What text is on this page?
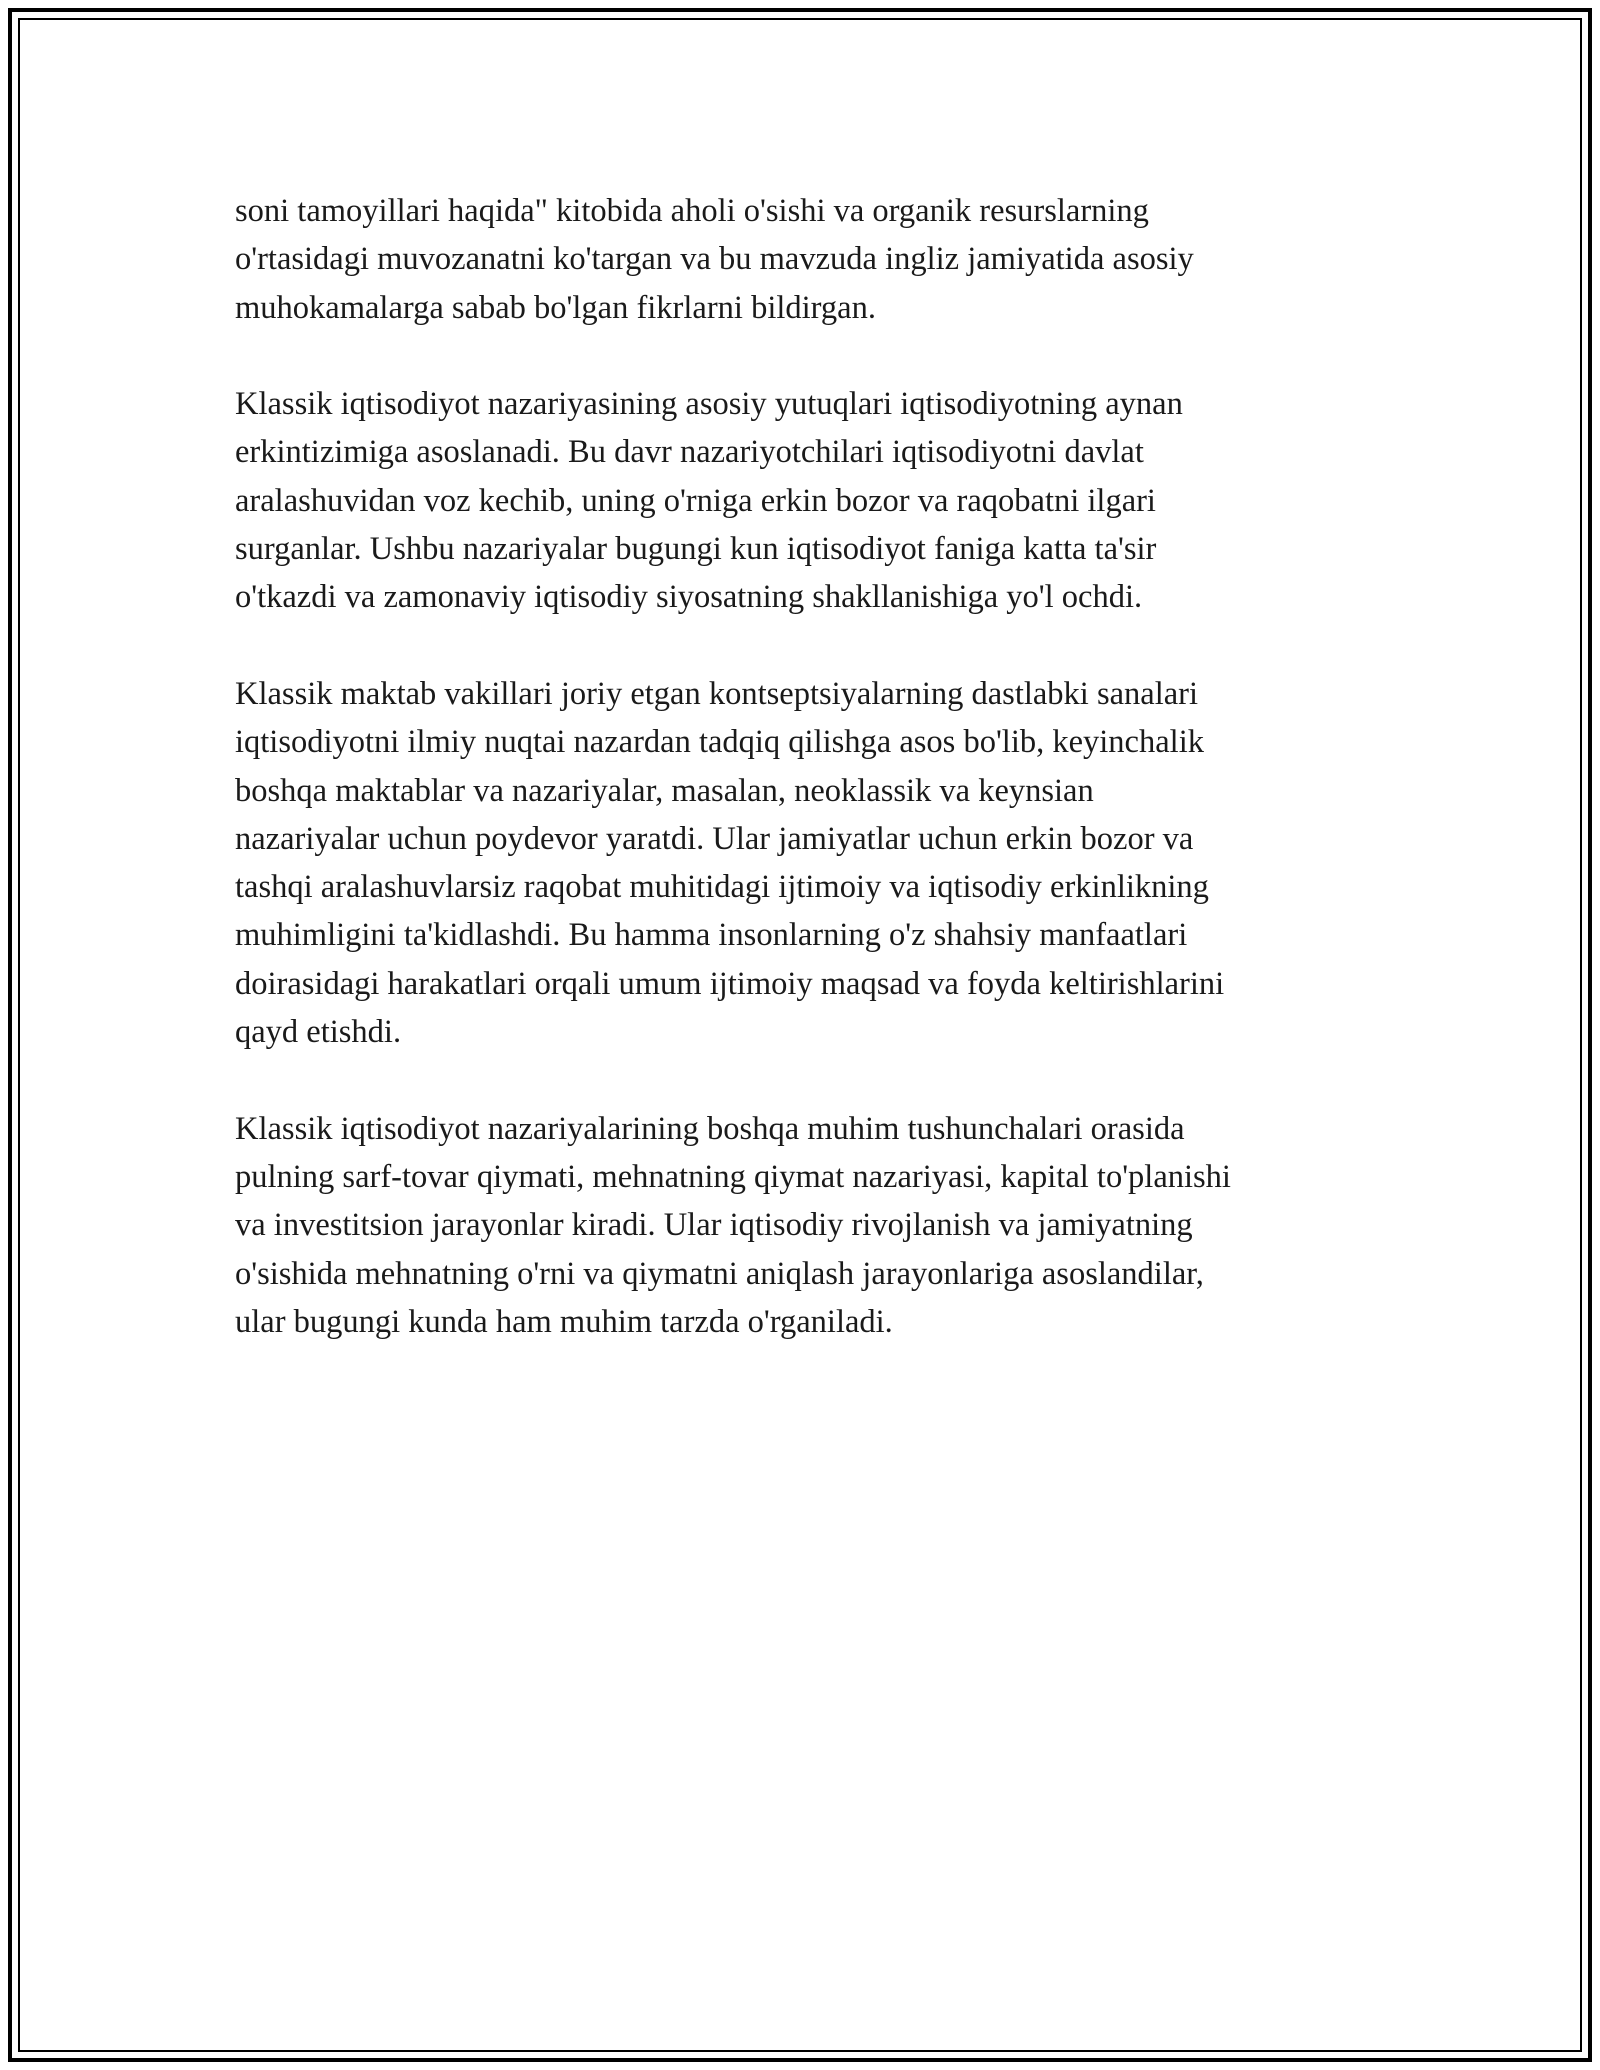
soni tamoyillari haqida" kitobida aholi o'sishi va organik resurslarning
o'rtasidagi muvozanatni ko'targan va bu mavzuda ingliz jamiyatida asosiy
muhokamalarga sabab bo'lgan fikrlarni bildirgan.

Klassik iqtisodiyot nazariyasining asosiy yutuqlari iqtisodiyotning aynan
erkintizimiga asoslanadi. Bu davr nazariyotchilari iqtisodiyotni davlat
aralashuvidan voz kechib, uning o'rniga erkin bozor va raqobatni ilgari
surganlar. Ushbu nazariyalar bugungi kun iqtisodiyot faniga katta ta'sir
o'tkazdi va zamonaviy iqtisodiy siyosatning shakllanishiga yo'l ochdi.

Klassik maktab vakillari joriy etgan kontseptsiyalarning dastlabki sanalari
iqtisodiyotni ilmiy nuqtai nazardan tadqiq qilishga asos bo'lib, keyinchalik
boshqa maktablar va nazariyalar, masalan, neoklassik va keynsian
nazariyalar uchun poydevor yaratdi. Ular jamiyatlar uchun erkin bozor va
tashqi aralashuvlarsiz raqobat muhitidagi ijtimoiy va iqtisodiy erkinlikning
muhimligini ta'kidlashdi. Bu hamma insonlarning o'z shahsiy manfaatlari
doirasidagi harakatlari orqali umum ijtimoiy maqsad va foyda keltirishlarini
qayd etishdi.

Klassik iqtisodiyot nazariyalarining boshqa muhim tushunchalari orasida
pulning sarf-tovar qiymati, mehnatning qiymat nazariyasi, kapital to'planishi
va investitsion jarayonlar kiradi. Ular iqtisodiy rivojlanish va jamiyatning
o'sishida mehnatning o'rni va qiymatni aniqlash jarayonlariga asoslandilar,
ular bugungi kunda ham muhim tarzda o'rganiladi.
